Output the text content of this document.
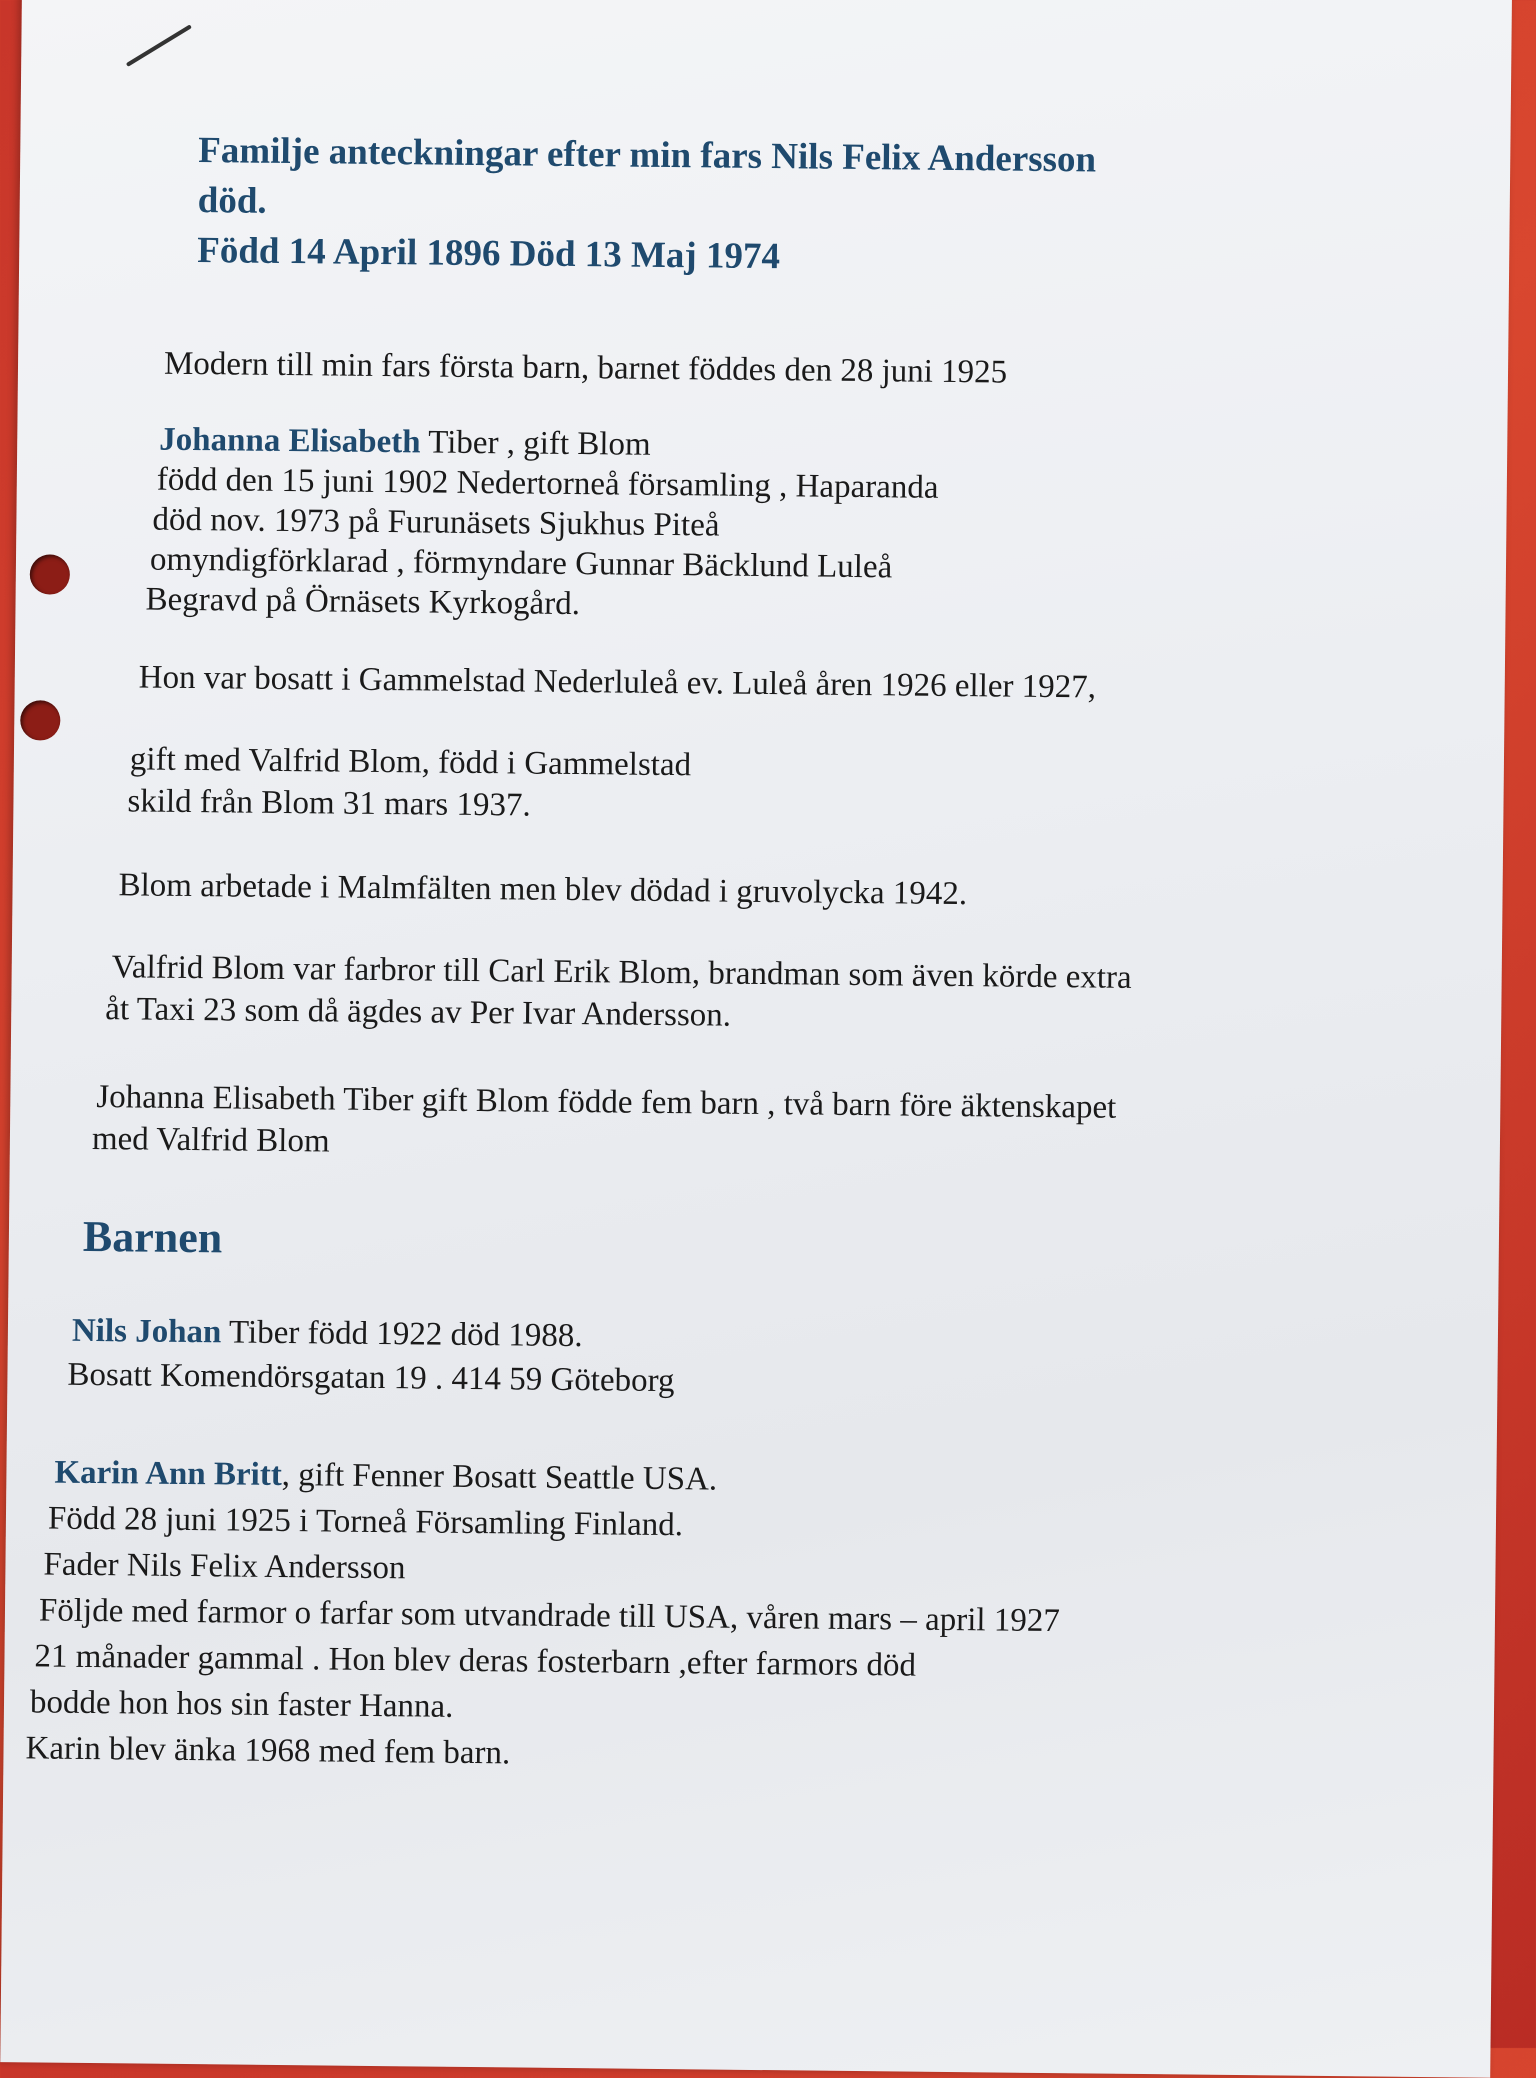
Familje anteckningar efter min fars Nils Felix Andersson
död.
Född 14 April 1896 Död 13 Maj 1974
Modern till min fars första barn, barnet föddes den 28 juni 1925
Johanna Elisabeth Tiber , gift Blom
född den 15 juni 1902 Nedertorneå församling , Haparanda
död nov. 1973 på Furunäsets Sjukhus Piteå
omyndigförklarad , förmyndare Gunnar Bäcklund Luleå
Begravd på Örnäsets Kyrkogård.
Hon var bosatt i Gammelstad Nederluleå ev. Luleå åren 1926 eller 1927,
gift med Valfrid Blom, född i Gammelstad
skild från Blom 31 mars 1937.
Blom arbetade i Malmfälten men blev dödad i gruvolycka 1942.
Valfrid Blom var farbror till Carl Erik Blom, brandman som även körde extra
åt Taxi 23 som då ägdes av Per Ivar Andersson.
Johanna Elisabeth Tiber gift Blom födde fem barn , två barn före äktenskapet
med Valfrid Blom
Barnen
Nils Johan Tiber född 1922 död 1988.
Bosatt Komendörsgatan 19 . 414 59 Göteborg
Karin Ann Britt, gift Fenner Bosatt Seattle USA.
Född 28 juni 1925 i Torneå Församling Finland.
Fader Nils Felix Andersson
Följde med farmor o farfar som utvandrade till USA, våren mars – april 1927
21 månader gammal . Hon blev deras fosterbarn ,efter farmors död
bodde hon hos sin faster Hanna.
Karin blev änka 1968 med fem barn.
